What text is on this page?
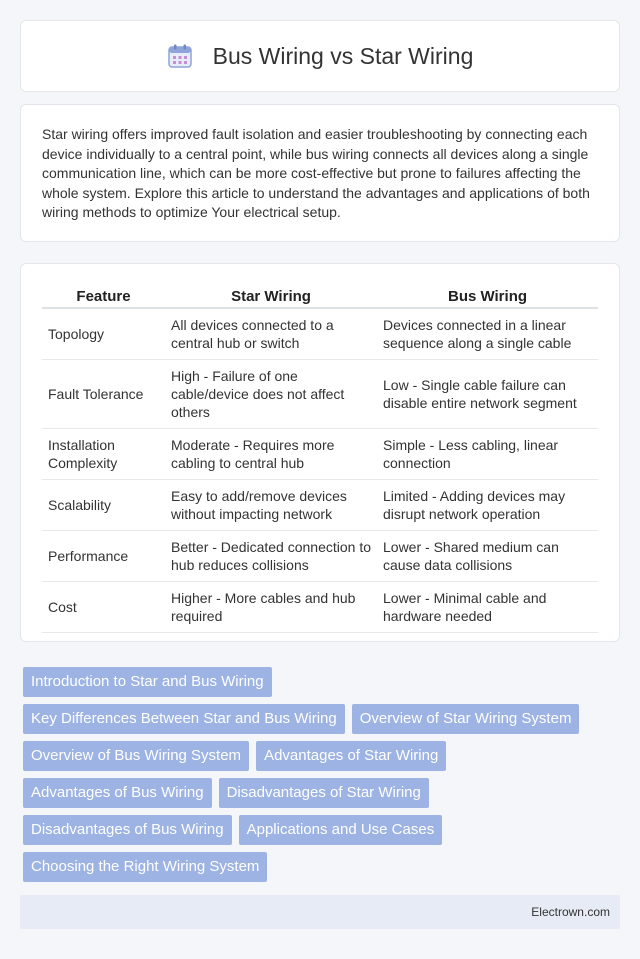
Bus Wiring vs Star Wiring

Star wiring offers improved fault isolation and easier troubleshooting by connecting each device individually to a central point, while bus wiring connects all devices along a single communication line, which can be more cost-effective but prone to failures affecting the whole system. Explore this article to understand the advantages and applications of both wiring methods to optimize Your electrical setup.

Feature	Star Wiring	Bus Wiring
Topology	All devices connected to a central hub or switch	Devices connected in a linear sequence along a single cable
Fault Tolerance	High - Failure of one cable/device does not affect others	Low - Single cable failure can disable entire network segment
Installation Complexity	Moderate - Requires more cabling to central hub	Simple - Less cabling, linear connection
Scalability	Easy to add/remove devices without impacting network	Limited - Adding devices may disrupt network operation
Performance	Better - Dedicated connection to hub reduces collisions	Lower - Shared medium can cause data collisions
Cost	Higher - More cables and hub required	Lower - Minimal cable and hardware needed
Introduction to Star and Bus Wiring
Key Differences Between Star and Bus Wiring	Overview of Star Wiring System
Overview of Bus Wiring System	Advantages of Star Wiring
Advantages of Bus Wiring	Disadvantages of Star Wiring
Disadvantages of Bus Wiring	Applications and Use Cases
Choosing the Right Wiring System
Electrown.com
